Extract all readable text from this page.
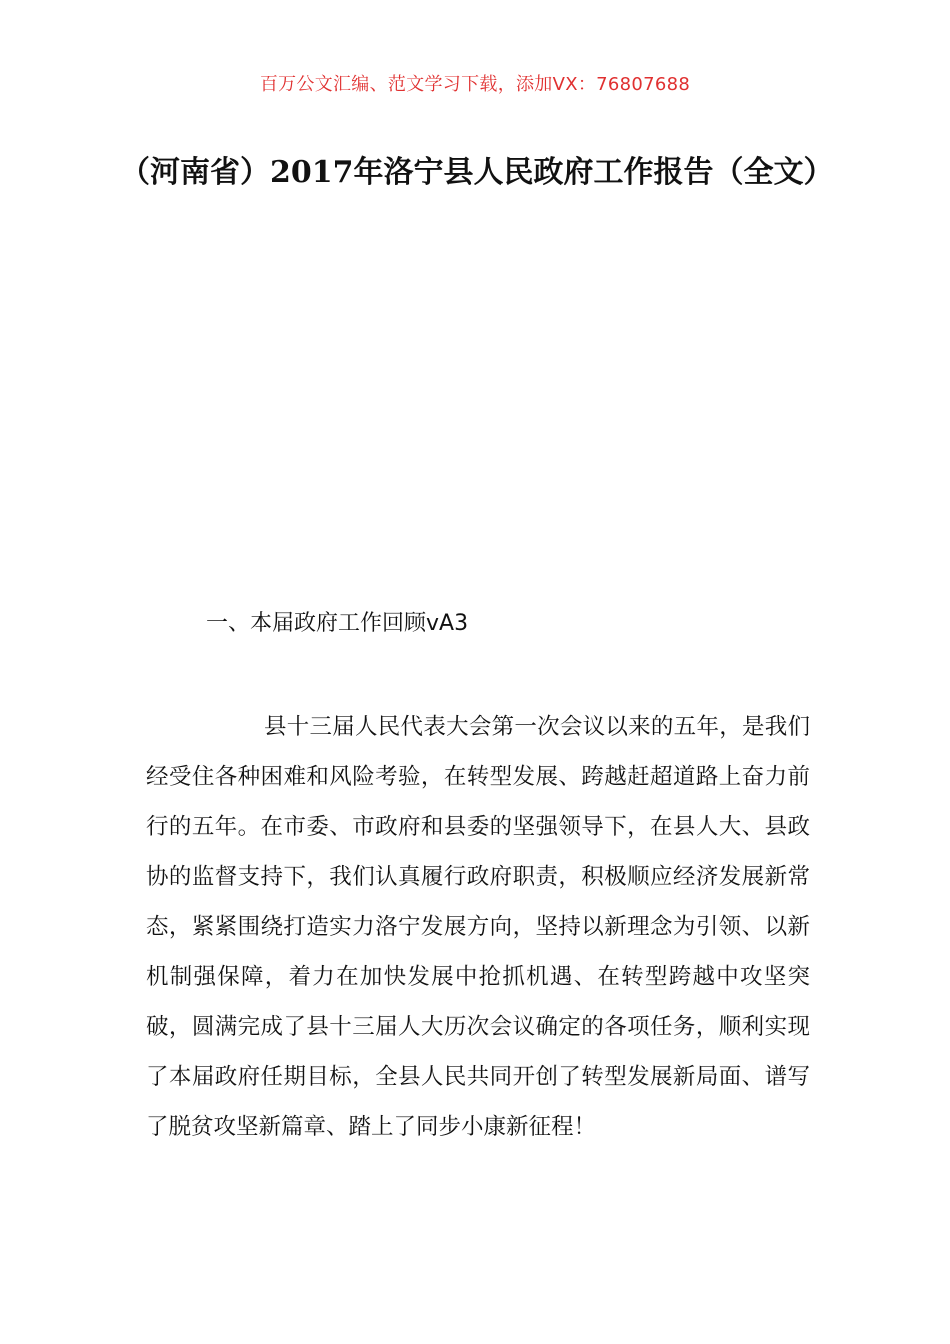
百万公文汇编、范文学习下载，添加VX：76807688
（河南省）2017年洛宁县人民政府工作报告（全文）
一、本届政府工作回顾vA3

县十三届人民代表大会第一次会议以来的五年，是我们经受住各种困难和风险考验，在转型发展、跨越赶超道路上奋力前行的五年。在市委、市政府和县委的坚强领导下，在县人大、县政协的监督支持下，我们认真履行政府职责，积极顺应经济发展新常态，紧紧围绕打造实力洛宁发展方向，坚持以新理念为引领、以新机制强保障，着力在加快发展中抢抓机遇、在转型跨越中攻坚突破，圆满完成了县十三届人大历次会议确定的各项任务，顺利实现了本届政府任期目标，全县人民共同开创了转型发展新局面、谱写了脱贫攻坚新篇章、踏上了同步小康新征程！
